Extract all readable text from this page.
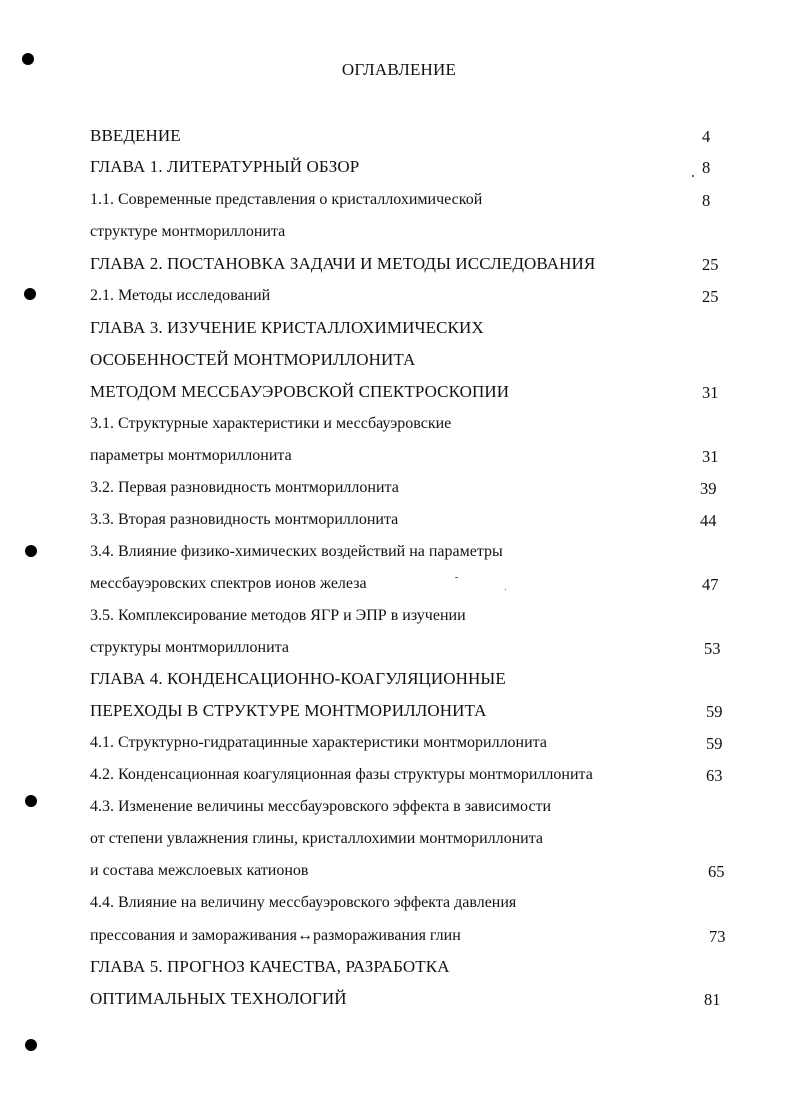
ОГЛАВЛЕНИЕ
ВВЕДЕНИЕ	4
ГЛАВА 1. ЛИТЕРАТУРНЫЙ ОБЗОР	8
1.1. Современные представления о кристаллохимической	8
структуре монтмориллонита
ГЛАВА 2. ПОСТАНОВКА ЗАДАЧИ И МЕТОДЫ ИССЛЕДОВАНИЯ	25
2.1. Методы исследований	25
ГЛАВА 3. ИЗУЧЕНИЕ КРИСТАЛЛОХИМИЧЕСКИХ
ОСОБЕННОСТЕЙ МОНТМОРИЛЛОНИТА
МЕТОДОМ МЕССБАУЭРОВСКОЙ СПЕКТРОСКОПИИ	31
3.1. Структурные характеристики и мессбауэровские
параметры монтмориллонита	31
3.2. Первая разновидность монтмориллонита	39
3.3. Вторая разновидность монтмориллонита	44
3.4. Влияние физико-химических воздействий на параметры
мессбауэровских спектров ионов железа	47
3.5. Комплексирование методов ЯГР и ЭПР в изучении
структуры монтмориллонита	53
ГЛАВА 4. КОНДЕНСАЦИОННО-КОАГУЛЯЦИОННЫЕ
ПЕРЕХОДЫ В СТРУКТУРЕ МОНТМОРИЛЛОНИТА	59
4.1. Структурно-гидратацинные характеристики монтмориллонита	59
4.2. Конденсационная коагуляционная фазы структуры монтмориллонита	63
4.3. Изменение величины мессбауэровского эффекта в зависимости
от степени увлажнения глины, кристаллохимии монтмориллонита
и состава межслоевых катионов	65
4.4. Влияние на величину мессбауэровского эффекта давления
прессования и замораживания↔размораживания глин	73
ГЛАВА 5. ПРОГНОЗ КАЧЕСТВА, РАЗРАБОТКА
ОПТИМАЛЬНЫХ ТЕХНОЛОГИЙ	81
